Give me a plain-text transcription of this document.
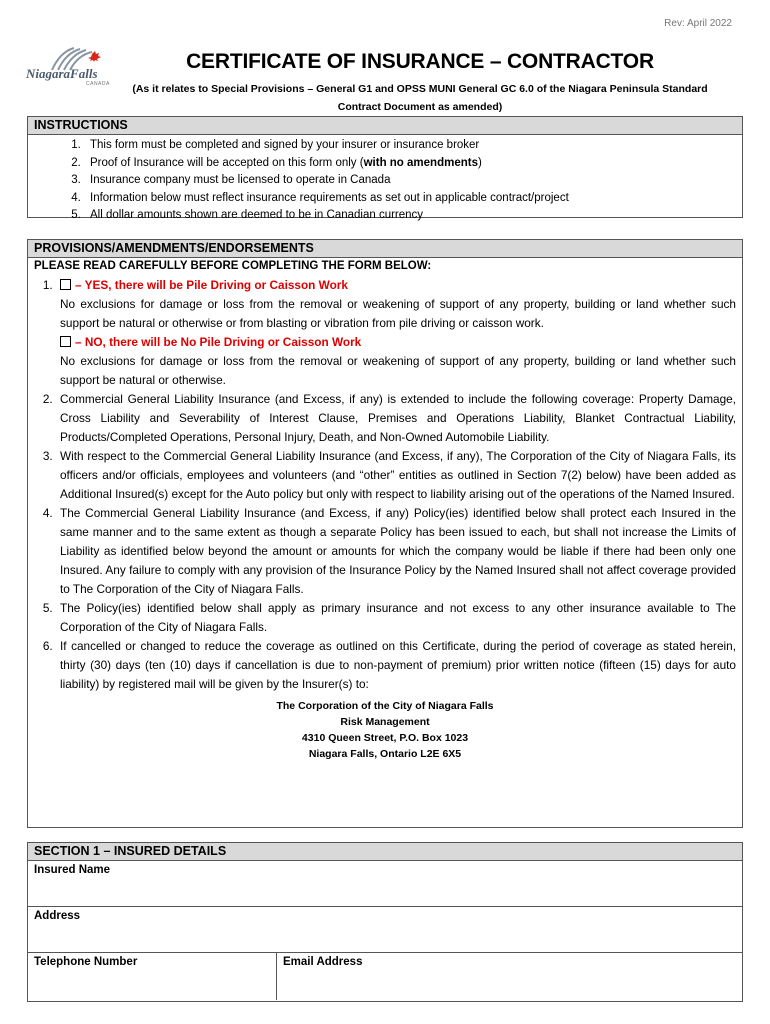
Rev: April 2022
NiagaraFalls
CANADA
CERTIFICATE OF INSURANCE – CONTRACTOR
(As it relates to Special Provisions – General G1 and OPSS MUNI General GC 6.0 of the Niagara Peninsula Standard Contract Document as amended)
INSTRUCTIONS
1. This form must be completed and signed by your insurer or insurance broker
2. Proof of Insurance will be accepted on this form only (with no amendments)
3. Insurance company must be licensed to operate in Canada
4. Information below must reflect insurance requirements as set out in applicable contract/project
5. All dollar amounts shown are deemed to be in Canadian currency
PROVISIONS/AMENDMENTS/ENDORSEMENTS
PLEASE READ CAREFULLY BEFORE COMPLETING THE FORM BELOW:
1. – YES, there will be Pile Driving or Caisson Work
No exclusions for damage or loss from the removal or weakening of support of any property, building or land whether such support be natural or otherwise or from blasting or vibration from pile driving or caisson work.
– NO, there will be No Pile Driving or Caisson Work
No exclusions for damage or loss from the removal or weakening of support of any property, building or land whether such support be natural or otherwise.
2. Commercial General Liability Insurance (and Excess, if any) is extended to include the following coverage: Property Damage, Cross Liability and Severability of Interest Clause, Premises and Operations Liability, Blanket Contractual Liability, Products/Completed Operations, Personal Injury, Death, and Non-Owned Automobile Liability.
3. With respect to the Commercial General Liability Insurance (and Excess, if any), The Corporation of the City of Niagara Falls, its officers and/or officials, employees and volunteers (and “other” entities as outlined in Section 7(2) below) have been added as Additional Insured(s) except for the Auto policy but only with respect to liability arising out of the operations of the Named Insured.
4. The Commercial General Liability Insurance (and Excess, if any) Policy(ies) identified below shall protect each Insured in the same manner and to the same extent as though a separate Policy has been issued to each, but shall not increase the Limits of Liability as identified below beyond the amount or amounts for which the company would be liable if there had been only one Insured. Any failure to comply with any provision of the Insurance Policy by the Named Insured shall not affect coverage provided to The Corporation of the City of Niagara Falls.
5. The Policy(ies) identified below shall apply as primary insurance and not excess to any other insurance available to The Corporation of the City of Niagara Falls.
6. If cancelled or changed to reduce the coverage as outlined on this Certificate, during the period of coverage as stated herein, thirty (30) days (ten (10) days if cancellation is due to non-payment of premium) prior written notice (fifteen (15) days for auto liability) by registered mail will be given by the Insurer(s) to:
The Corporation of the City of Niagara Falls
Risk Management
4310 Queen Street, P.O. Box 1023
Niagara Falls, Ontario L2E 6X5
SECTION 1 – INSURED DETAILS
Insured Name
Address
Telephone Number	Email Address
